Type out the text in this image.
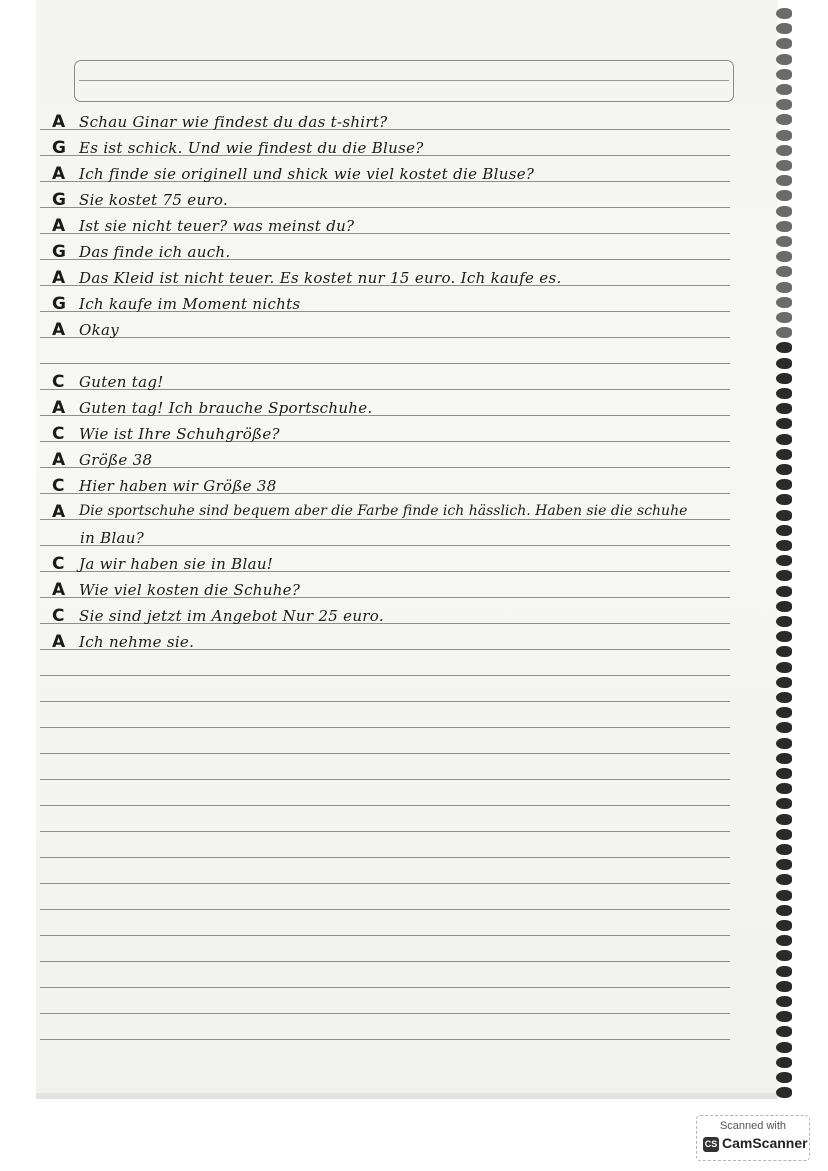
A Schau Ginar wie findest du das t-shirt?
G Es ist schick. Und wie findest du die Bluse?
A Ich finde sie originell und shick wie viel kostet die Bluse?
G Sie kostet 75 euro.
A Ist sie nicht teuer? was meinst du?
G Das finde ich auch.
A Das Kleid ist nicht teuer. Es kostet nur 15 euro. Ich kaufe es.
G Ich kaufe im Moment nichts
A Okay
C Guten tag!
A Guten tag! Ich brauche Sportschuhe.
C Wie ist Ihre Schuhgröße?
A Größe 38
C Hier haben wir Größe 38
A Die sportschuhe sind bequem aber die Farbe finde ich hässlich. Haben sie die schuhe
in Blau?
C Ja wir haben sie in Blau!
A Wie viel kosten die Schuhe?
C Sie sind jetzt im Angebot Nur 25 euro.
A Ich nehme sie.
Scanned with
CS CamScanner
